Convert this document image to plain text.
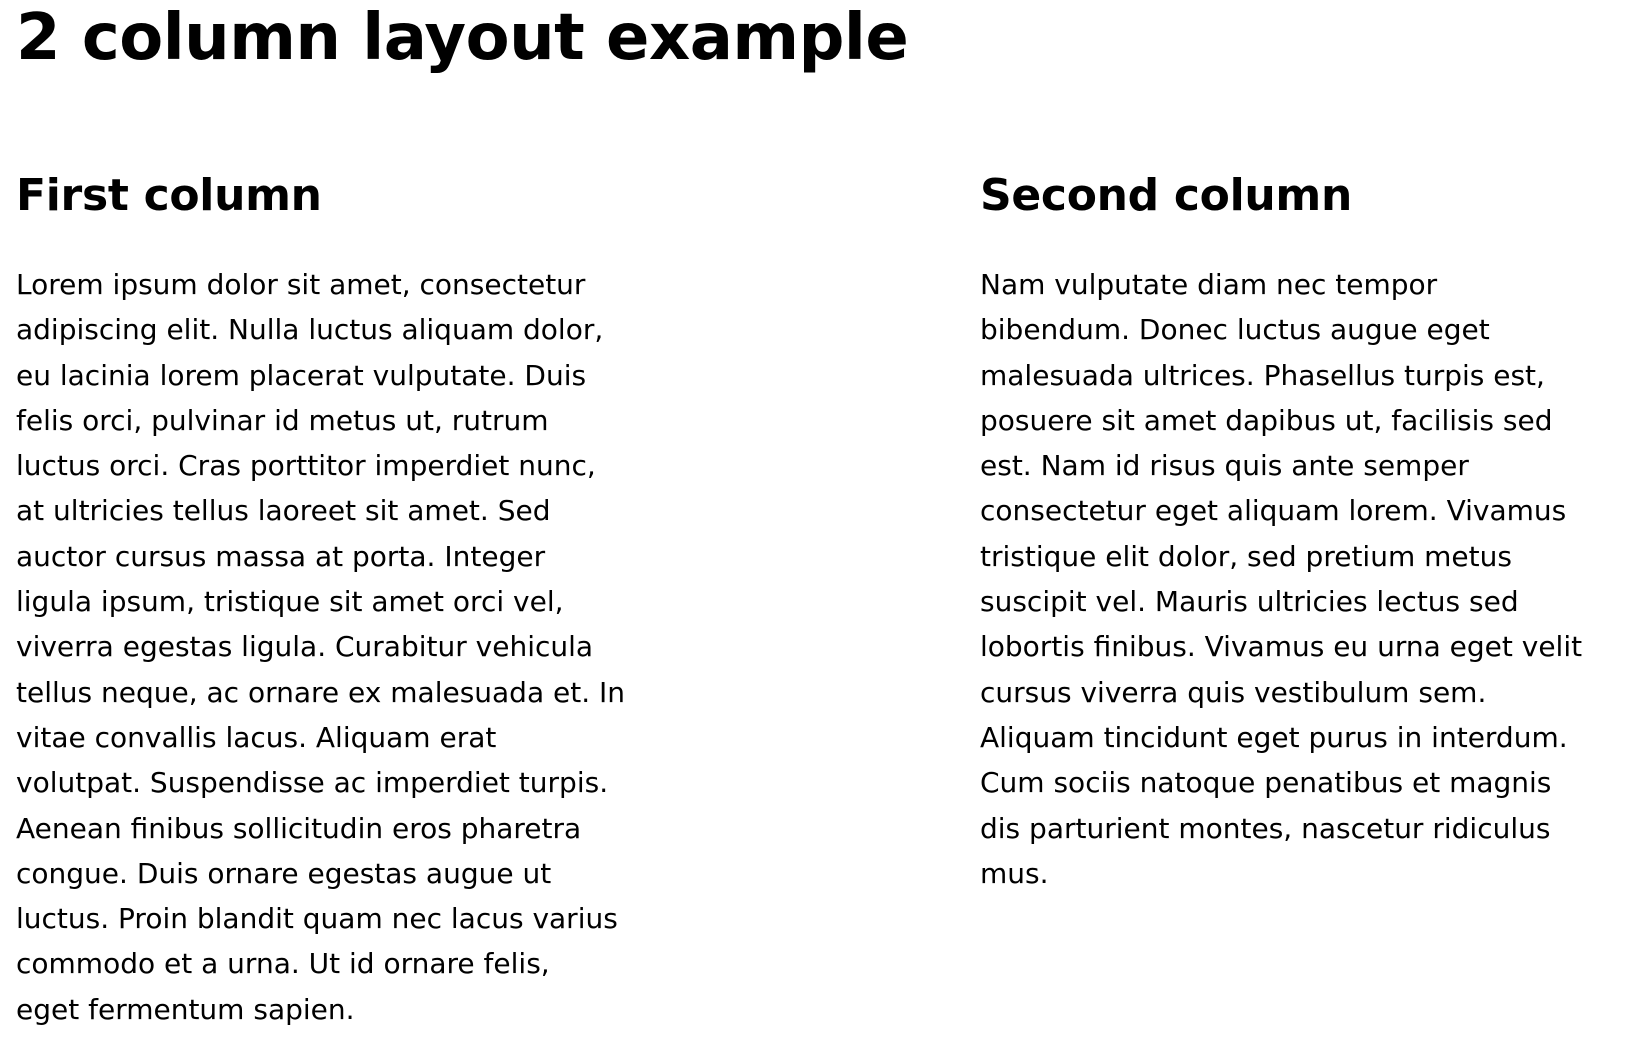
2 column layout example
First column

Lorem ipsum dolor sit amet, consectetur
adipiscing elit. Nulla luctus aliquam dolor,
eu lacinia lorem placerat vulputate. Duis
felis orci, pulvinar id metus ut, rutrum
luctus orci. Cras porttitor imperdiet nunc,
at ultricies tellus laoreet sit amet. Sed
auctor cursus massa at porta. Integer
ligula ipsum, tristique sit amet orci vel,
viverra egestas ligula. Curabitur vehicula
tellus neque, ac ornare ex malesuada et. In
vitae convallis lacus. Aliquam erat
volutpat. Suspendisse ac imperdiet turpis.
Aenean finibus sollicitudin eros pharetra
congue. Duis ornare egestas augue ut
luctus. Proin blandit quam nec lacus varius
commodo et a urna. Ut id ornare felis,
eget fermentum sapien.

Second column

Nam vulputate diam nec tempor
bibendum. Donec luctus augue eget
malesuada ultrices. Phasellus turpis est,
posuere sit amet dapibus ut, facilisis sed
est. Nam id risus quis ante semper
consectetur eget aliquam lorem. Vivamus
tristique elit dolor, sed pretium metus
suscipit vel. Mauris ultricies lectus sed
lobortis finibus. Vivamus eu urna eget velit
cursus viverra quis vestibulum sem.
Aliquam tincidunt eget purus in interdum.
Cum sociis natoque penatibus et magnis
dis parturient montes, nascetur ridiculus
mus.
